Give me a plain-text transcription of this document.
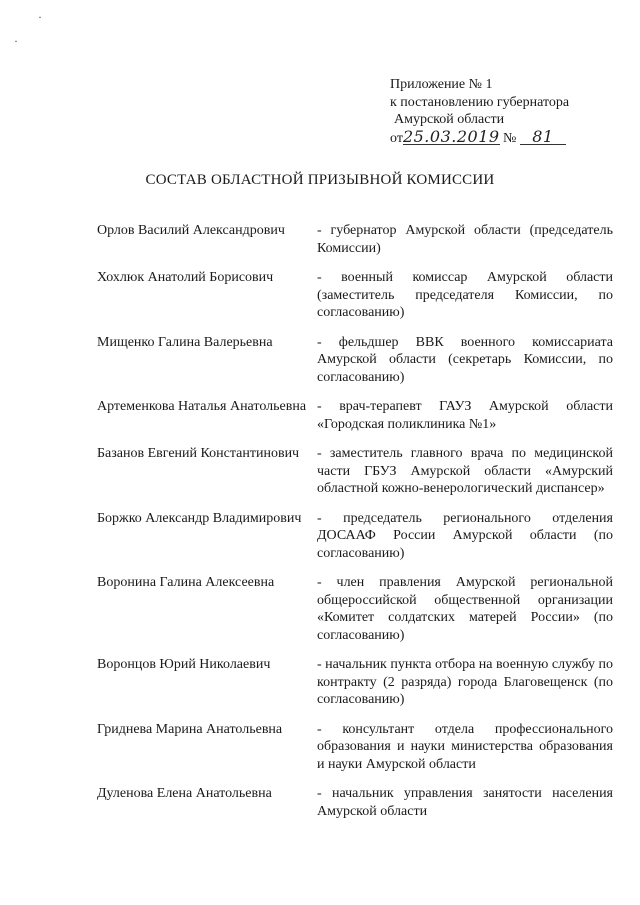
·
·
Приложение № 1
к постановлению губернатора
Амурской области
от25.03.2019 № 81
СОСТАВ ОБЛАСТНОЙ ПРИЗЫВНОЙ КОМИССИИ
Орлов Василий Александрович	- губернатор Амурской области (председатель Комиссии)
Хохлюк Анатолий Борисович	- военный комиссар Амурской области (заместитель председателя Комиссии, по согласованию)
Мищенко Галина Валерьевна	- фельдшер ВВК военного комиссариата Амурской области (секретарь Комиссии, по согласованию)
Артеменкова Наталья Анатольевна - врач-терапевт ГАУЗ Амурской области «Городская поликлиника №1»
Базанов Евгений Константинович	- заместитель главного врача по медицинской части ГБУЗ Амурской области «Амурский областной кожно-венерологический диспансер»
Боржко Александр Владимирович	- председатель регионального отделения ДОСААФ России Амурской области (по согласованию)
Воронина Галина Алексеевна	- член правления Амурской региональной общероссийской общественной организации «Комитет солдатских матерей России» (по согласованию)
Воронцов Юрий Николаевич	- начальник пункта отбора на военную службу по контракту (2 разряда) города Благовещенск (по согласованию)
Гриднева Марина Анатольевна	- консультант отдела профессионального образования и науки министерства образования и науки Амурской области
Дуленова Елена Анатольевна	- начальник управления занятости населения Амурской области
